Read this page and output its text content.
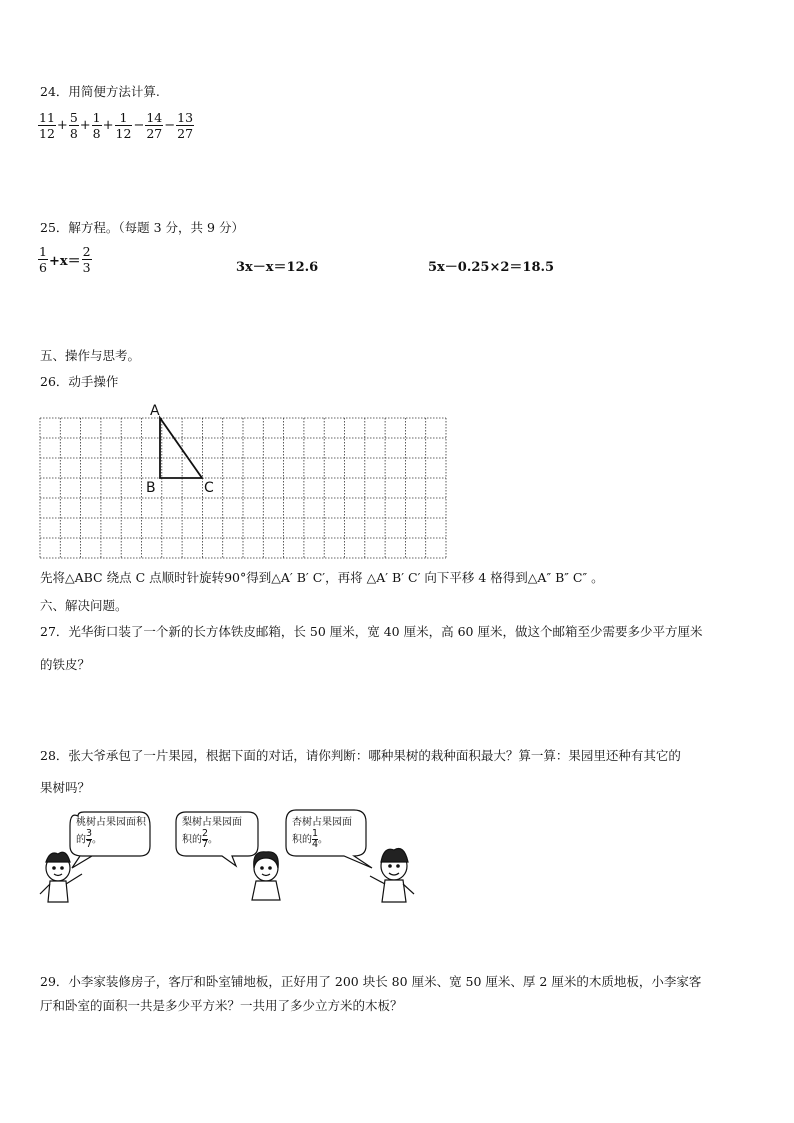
24．用简便方法计算.
$\frac{11}{12} + \frac{5}{8} + \frac{1}{8} + \frac{1}{12} - \frac{14}{27} - \frac{13}{27}$
25．解方程。（每题 3 分，共 9 分）
$\frac{1}{6} +x= \frac{2}{3}$	3x－x＝12.6	5x－0.25×2＝18.5
五、操作与思考。
26．动手操作
A
B	C
先将△ABC 绕点 C 点顺时针旋转90°得到△A′ B′ C′，再将 △A′ B′ C′ 向下平移 4 格得到△A″ B″ C″ 。
六、解决问题。
27．光华街口装了一个新的长方体铁皮邮箱，长 50 厘米，宽 40 厘米，高 60 厘米，做这个邮箱至少需要多少平方厘米
的铁皮？
28．张大爷承包了一片果园，根据下面的对话，请你判断：哪种果树的栽种面积最大？算一算：果园里还种有其它的
果树吗？
桃树占果园面积
的 $\frac{3}{7}$ 。
梨树占果园面
积的 $\frac{2}{7}$ 。
杏树占果园面
积的 $\frac{1}{4}$ 。
29．小李家装修房子，客厅和卧室铺地板，正好用了 200 块长 80 厘米、宽 50 厘米、厚 2 厘米的木质地板，小李家客
厅和卧室的面积一共是多少平方米？一共用了多少立方米的木板？
